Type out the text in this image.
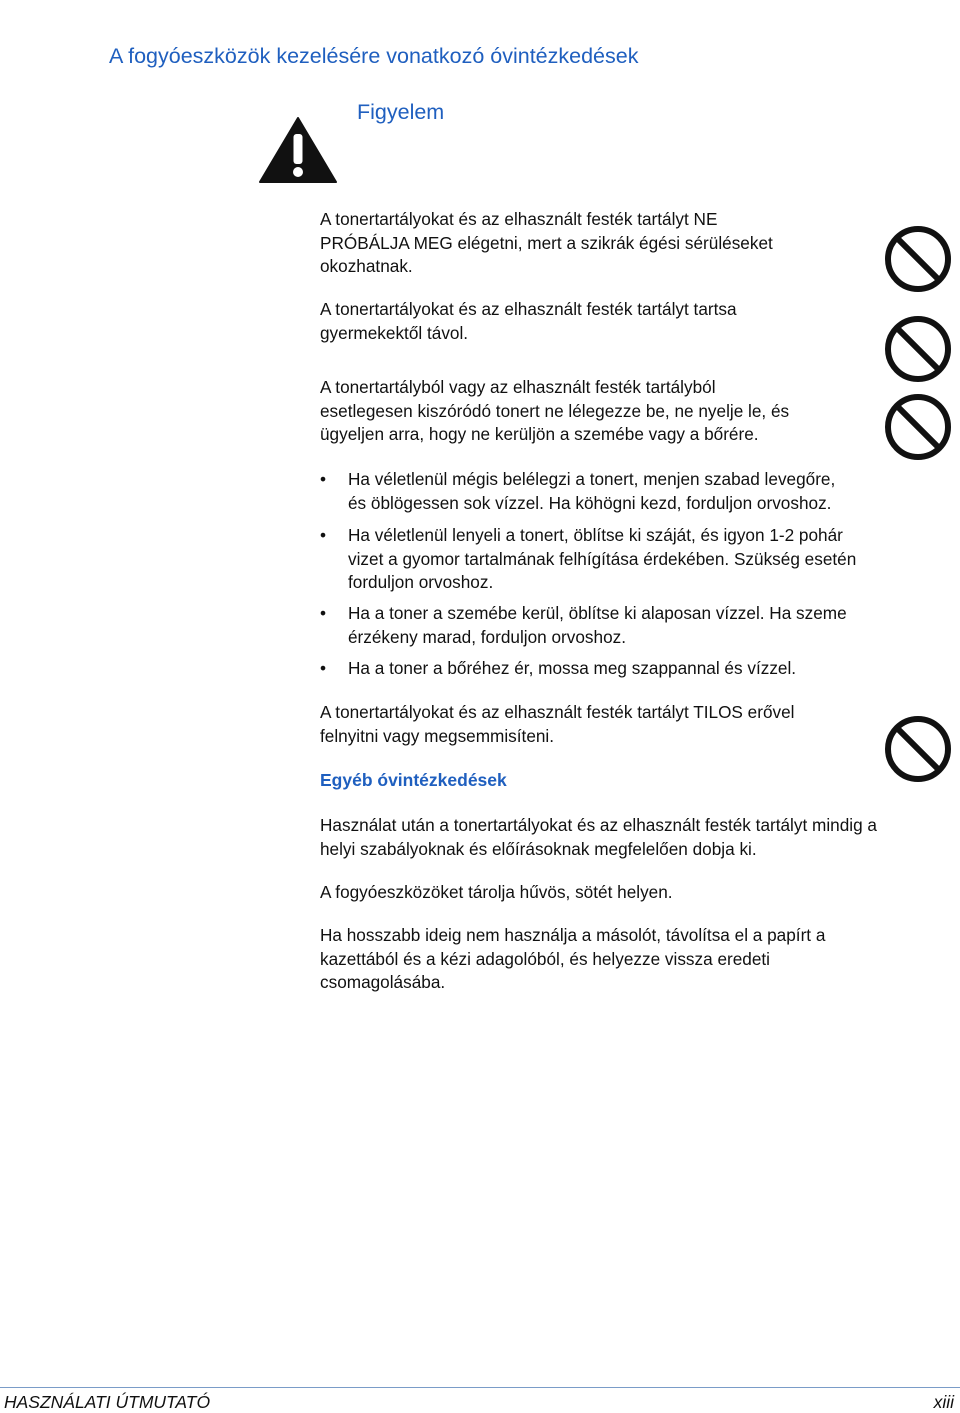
A fogyóeszközök kezelésére vonatkozó óvintézkedések
Figyelem
A tonertartályokat és az elhasznált festék tartályt NE
PRÓBÁLJA MEG elégetni, mert a szikrák égési sérüléseket
okozhatnak.
A tonertartályokat és az elhasznált festék tartályt tartsa
gyermekektől távol.
A tonertartályból vagy az elhasznált festék tartályból
esetlegesen kiszóródó tonert ne lélegezze be, ne nyelje le, és
ügyeljen arra, hogy ne kerüljön a szemébe vagy a bőrére.
• Ha véletlenül mégis belélegzi a tonert, menjen szabad levegőre,
és öblögessen sok vízzel. Ha köhögni kezd, forduljon orvoshoz.
• Ha véletlenül lenyeli a tonert, öblítse ki száját, és igyon 1-2 pohár
vizet a gyomor tartalmának felhígítása érdekében. Szükség esetén
forduljon orvoshoz.
• Ha a toner a szemébe kerül, öblítse ki alaposan vízzel. Ha szeme
érzékeny marad, forduljon orvoshoz.
• Ha a toner a bőréhez ér, mossa meg szappannal és vízzel.
A tonertartályokat és az elhasznált festék tartályt TILOS erővel
felnyitni vagy megsemmisíteni.
Egyéb óvintézkedések
Használat után a tonertartályokat és az elhasznált festék tartályt mindig a
helyi szabályoknak és előírásoknak megfelelően dobja ki.
A fogyóeszközöket tárolja hűvös, sötét helyen.
Ha hosszabb ideig nem használja a másolót, távolítsa el a papírt a
kazettából és a kézi adagolóból, és helyezze vissza eredeti
csomagolásába.
HASZNÁLATI ÚTMUTATÓ	xiii
